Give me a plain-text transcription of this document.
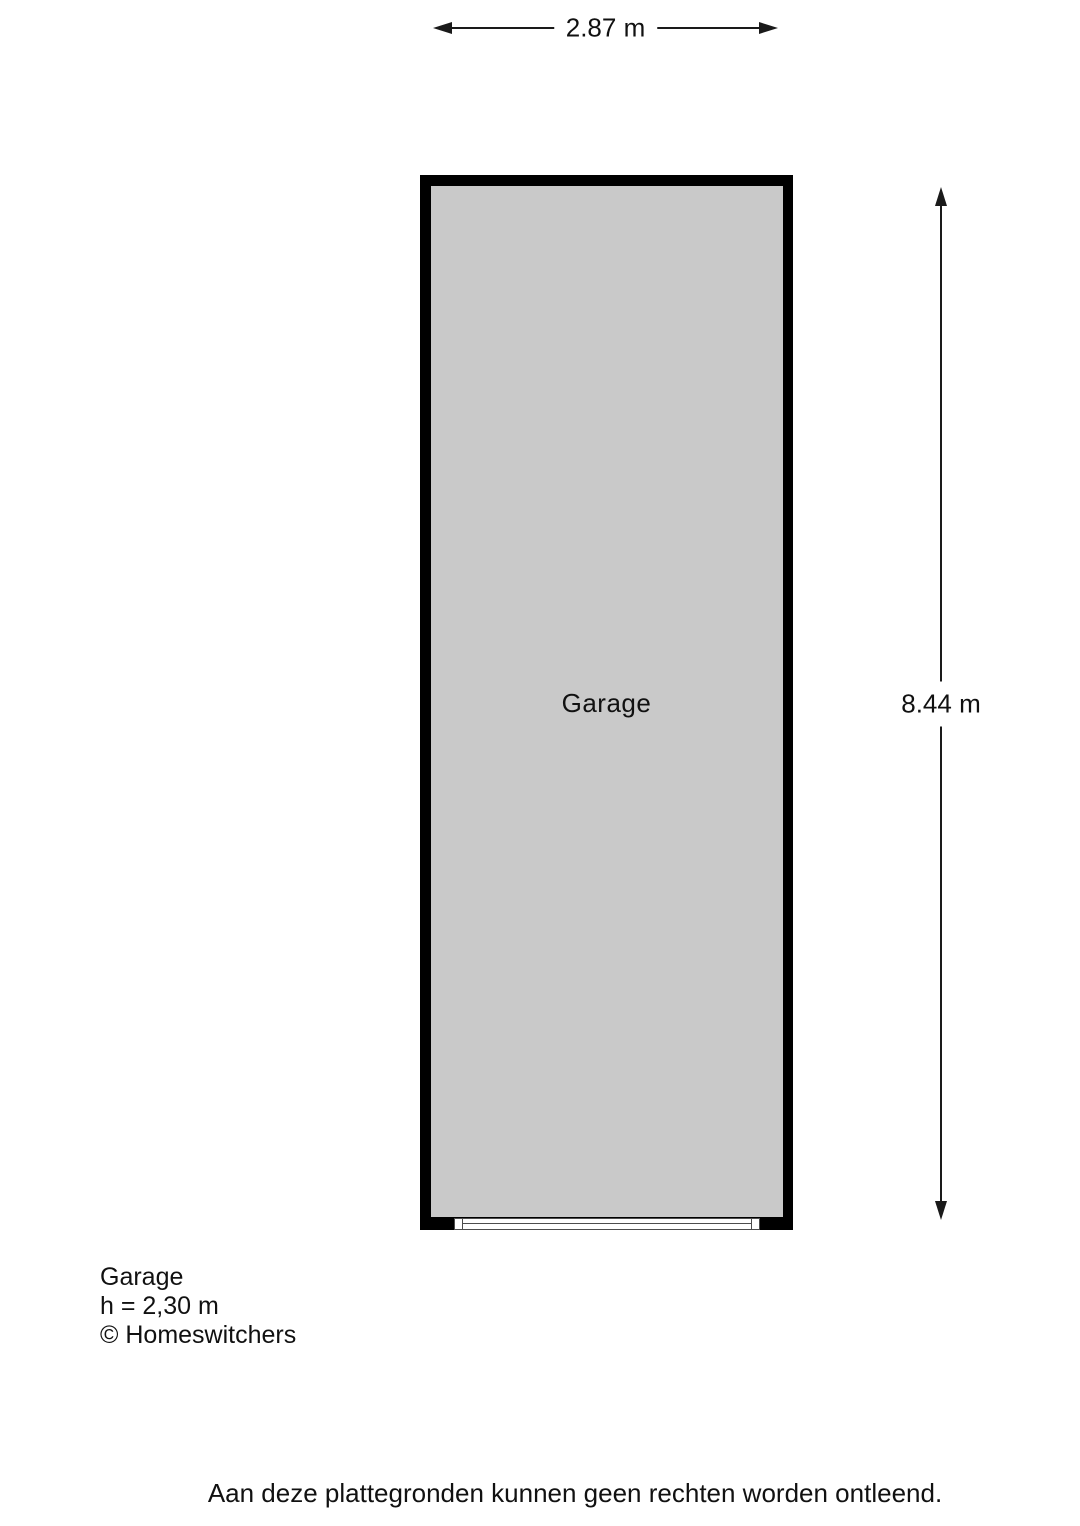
2.87 m
8.44 m
Garage
Garage
h = 2,30 m
© Homeswitchers
Aan deze plattegronden kunnen geen rechten worden ontleend.
